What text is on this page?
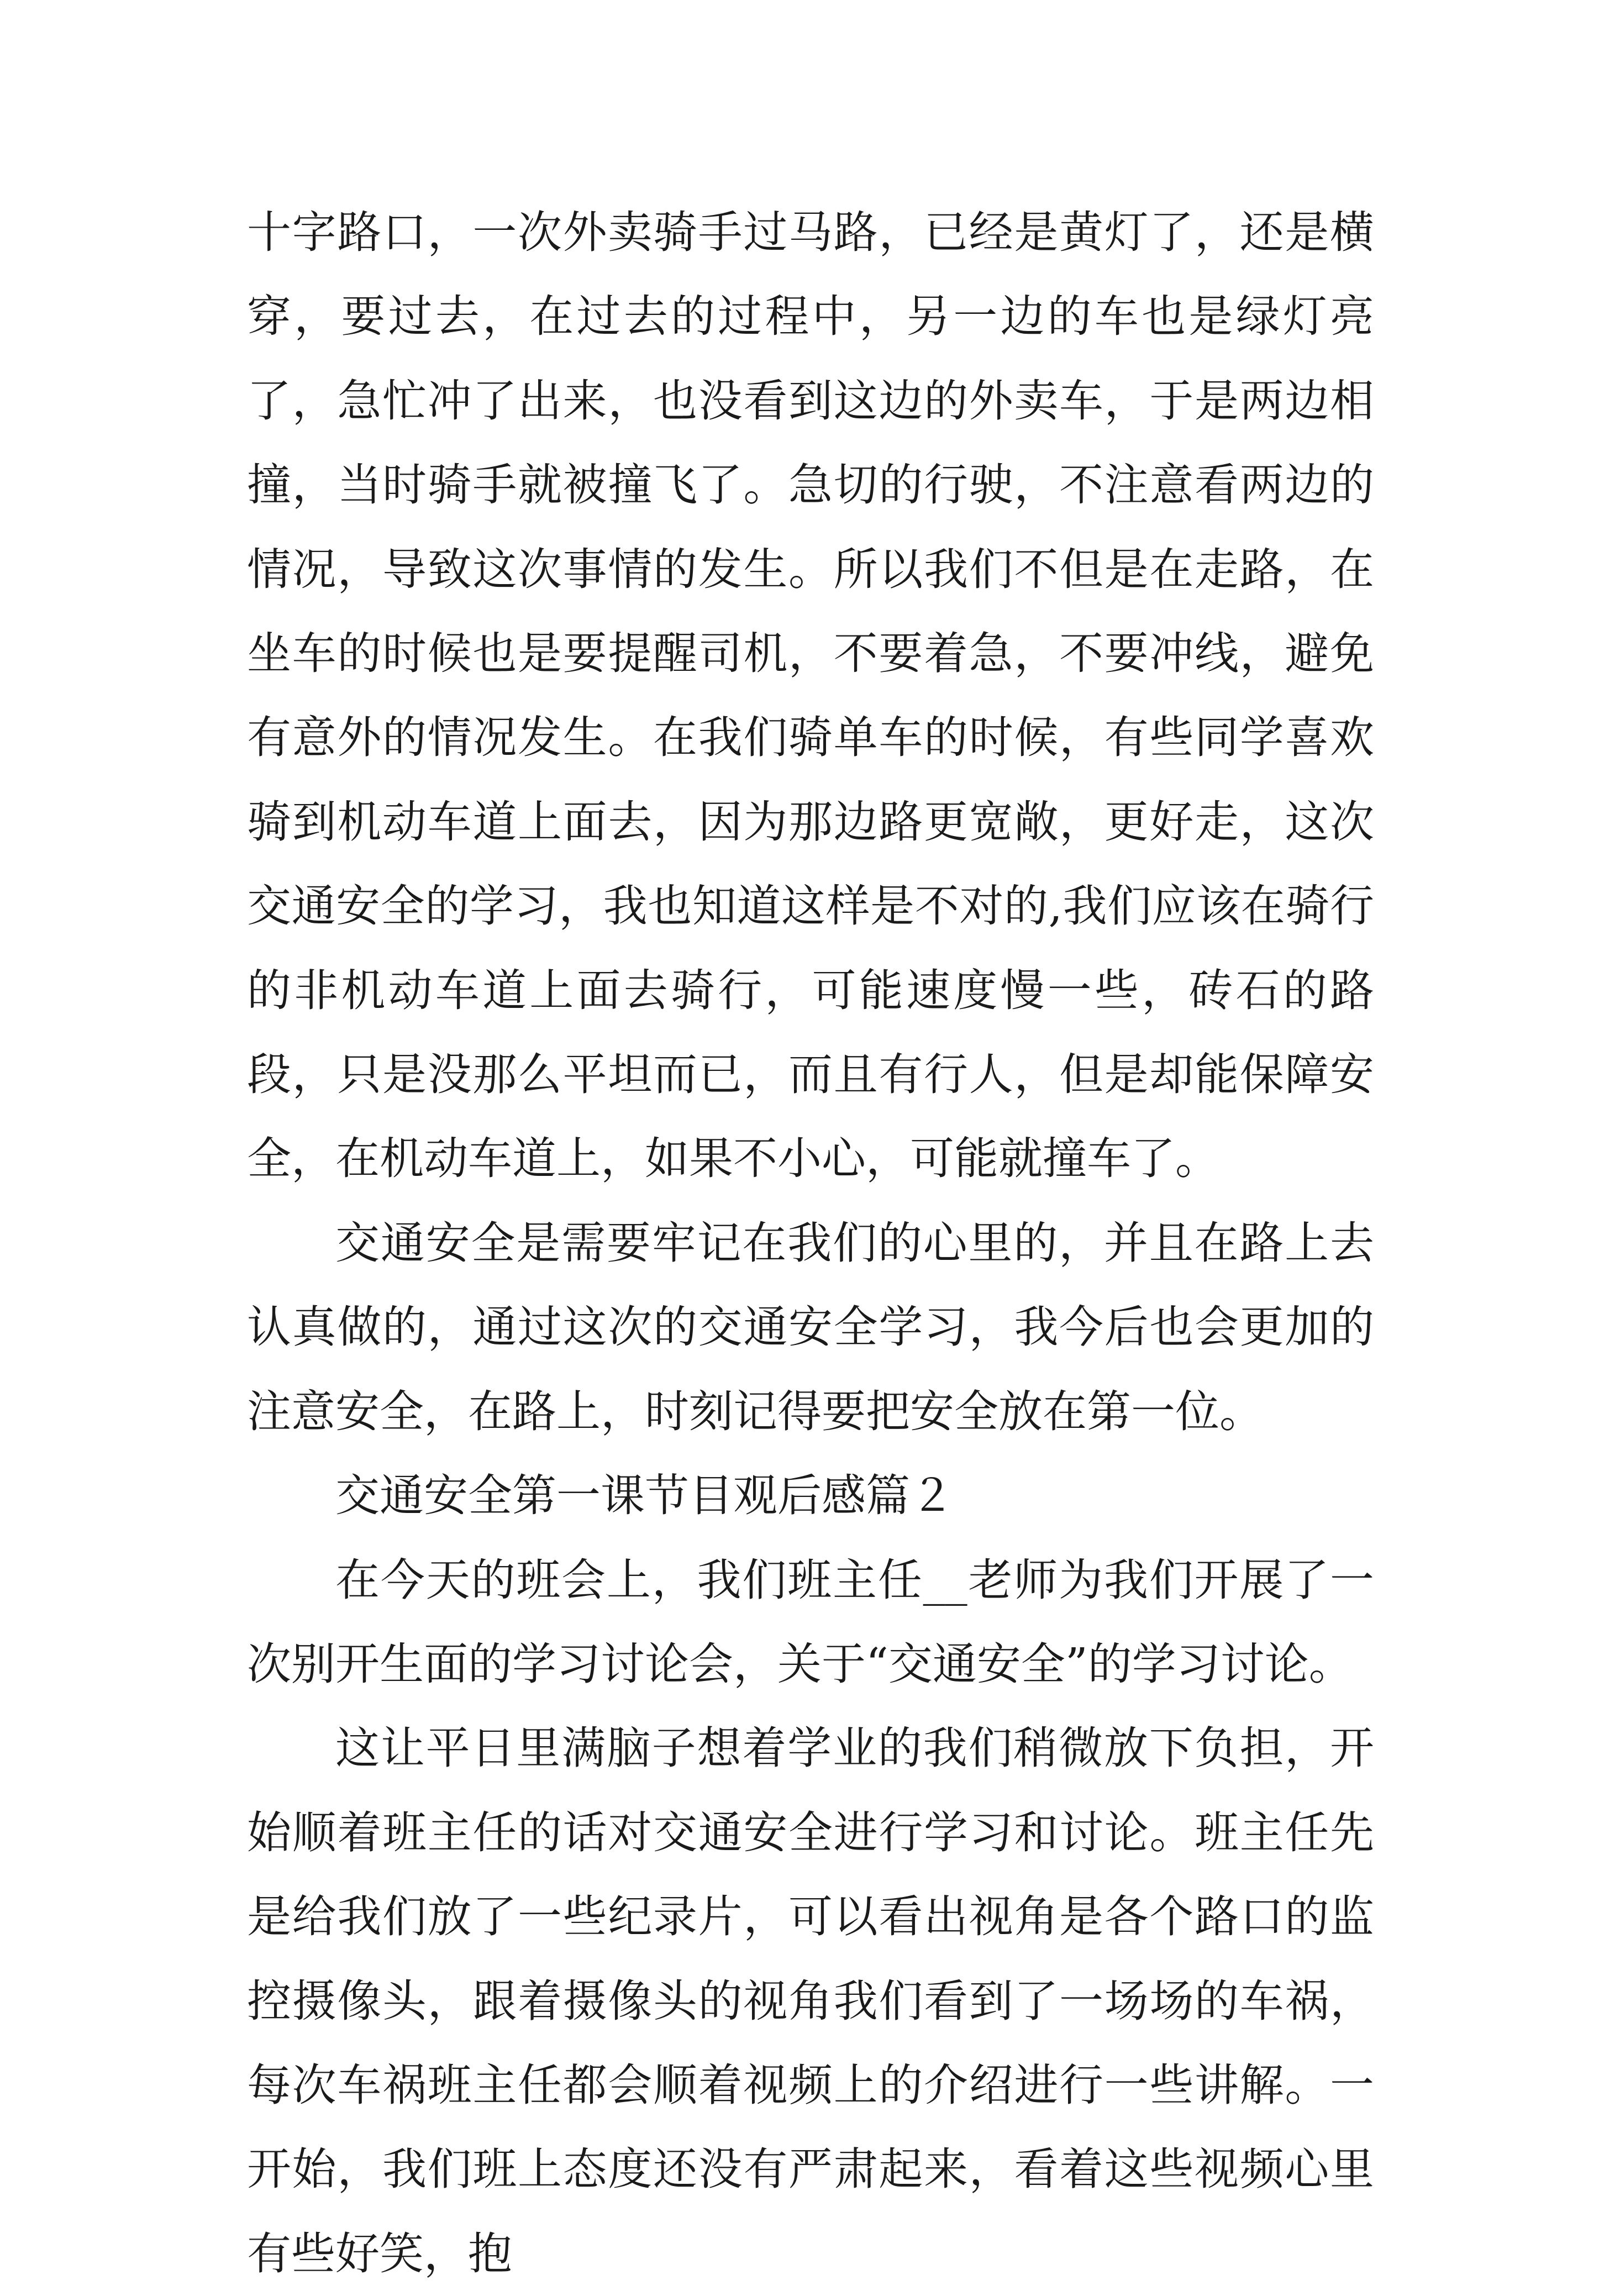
十字路口，一次外卖骑手过马路，已经是黄灯了，还是横穿，要过去，在过去的过程中，另一边的车也是绿灯亮了，急忙冲了出来，也没看到这边的外卖车，于是两边相撞，当时骑手就被撞飞了。急切的行驶，不注意看两边的情况，导致这次事情的发生。所以我们不但是在走路，在坐车的时候也是要提醒司机，不要着急，不要冲线，避免有意外的情况发生。在我们骑单车的时候，有些同学喜欢骑到机动车道上面去，因为那边路更宽敞，更好走，这次交通安全的学习，我也知道这样是不对的,我们应该在骑行的非机动车道上面去骑行，可能速度慢一些，砖石的路段，只是没那么平坦而已，而且有行人，但是却能保障安全，在机动车道上，如果不小心，可能就撞车了。

交通安全是需要牢记在我们的心里的，并且在路上去认真做的，通过这次的交通安全学习，我今后也会更加的注意安全，在路上，时刻记得要把安全放在第一位。

交通安全第一课节目观后感篇２

在今天的班会上，我们班主任__老师为我们开展了一次别开生面的学习讨论会，关于“交通安全”的学习讨论。

这让平日里满脑子想着学业的我们稍微放下负担，开始顺着班主任的话对交通安全进行学习和讨论。班主任先是给我们放了一些纪录片，可以看出视角是各个路口的监控摄像头，跟着摄像头的视角我们看到了一场场的车祸，每次车祸班主任都会顺着视频上的介绍进行一些讲解。一开始，我们班上态度还没有严肃起来，看着这些视频心里有些好笑，抱
